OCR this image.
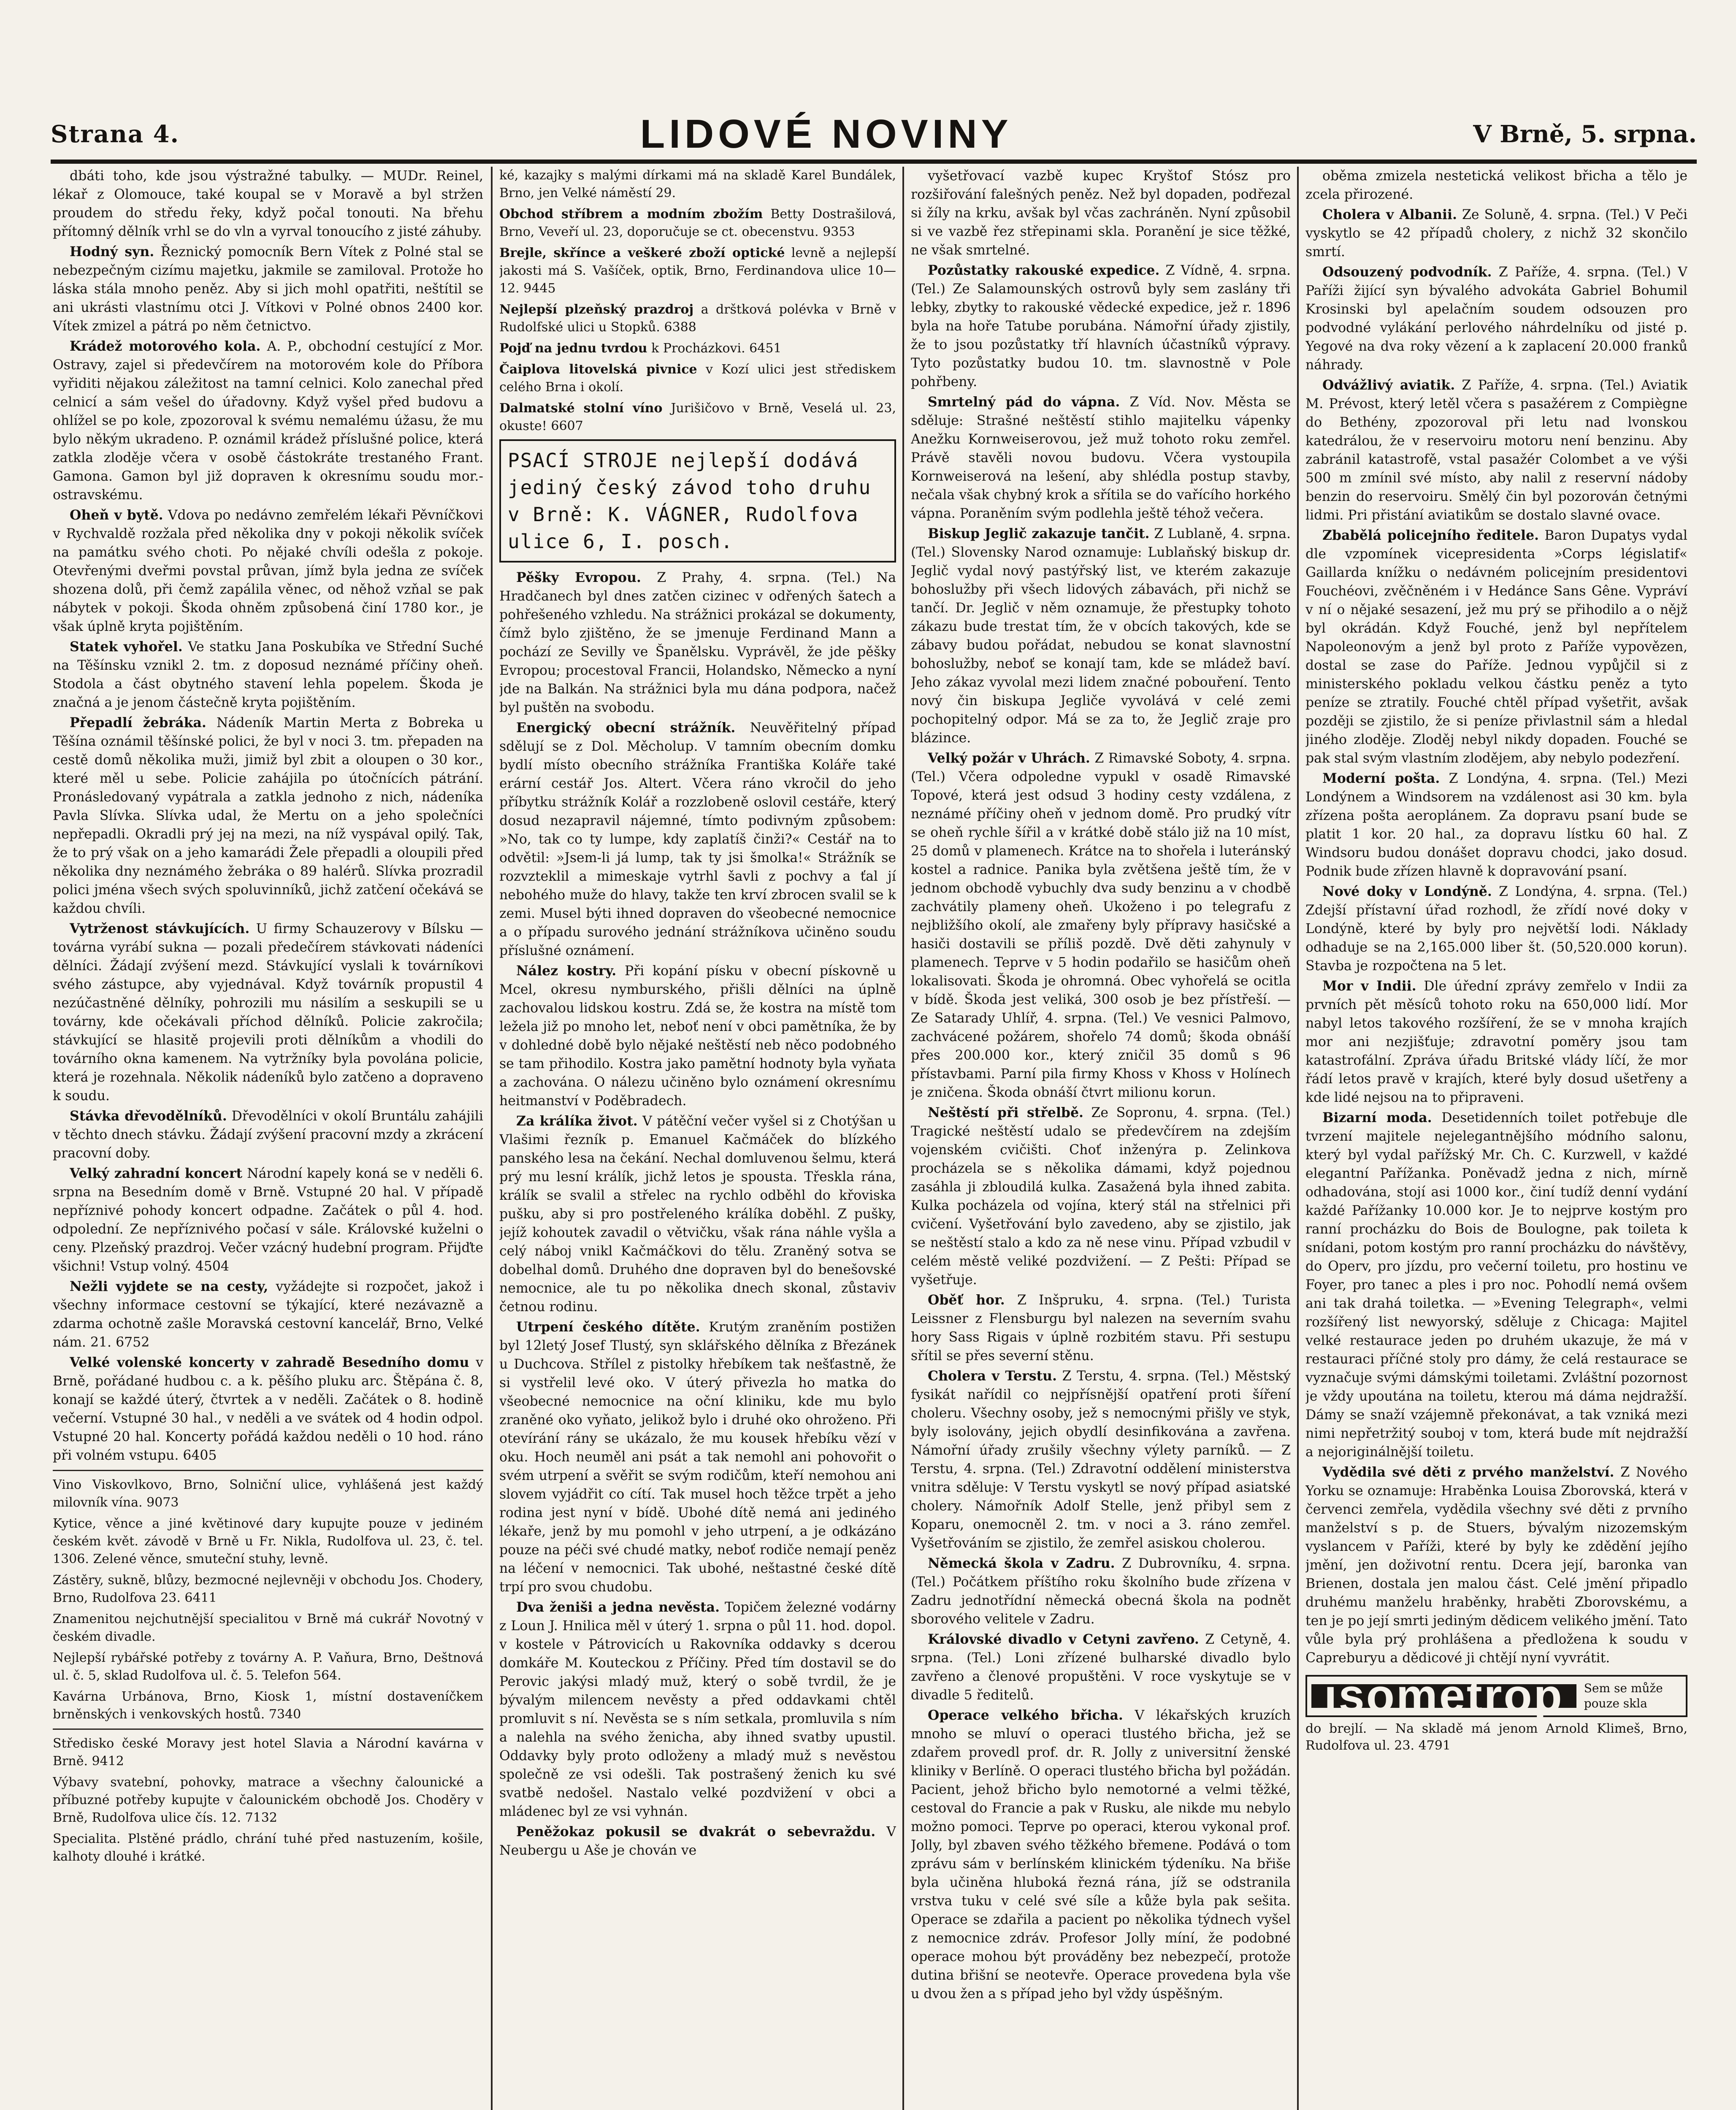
Strana 4.	LIDOVÉ NOVINY	V Brně, 5. srpna.

dbáti toho, kde jsou výstražné tabulky. — MUDr. Reinel, lékař z Olomouce, také koupal se v Moravě a byl stržen proudem do středu řeky, když počal tonouti. Na břehu přítomný dělník vrhl se do vln a vyrval tonoucího z jisté záhuby.

Hodný syn. Řeznický pomocník Bern Vítek z Polné stal se nebezpečným cizímu majetku, jakmile se zamiloval. Protože ho láska stála mnoho peněz. Aby si jich mohl opatřiti, neštítil se ani ukrásti vlastnímu otci J. Vítkovi v Polné obnos 2400 kor. Vítek zmizel a pátrá po něm četnictvo.

Krádež motorového kola. A. P., obchodní cestující z Mor. Ostravy, zajel si předevčírem na motorovém kole do Příbora vyřiditi nějakou záležitost na tamní celnici. Kolo zanechal před celnicí a sám vešel do úřadovny. Když vyšel před budovu a ohlížel se po kole, zpozoroval k svému nemalému úžasu, že mu bylo někým ukradeno. P. oznámil krádež příslušné police, která zatkla zloděje včera v osobě částokráte trestaného Frant. Gamona. Gamon byl již dopraven k okresnímu soudu mor.-ostravskému.

Oheň v bytě. Vdova po nedávno zemřelém lékaři Pěvníčkovi v Rychvaldě rozžala před několika dny v pokoji několik svíček na památku svého choti. Po nějaké chvíli odešla z pokoje. Otevřenými dveřmi povstal průvan, jímž byla jedna ze svíček shozena dolů, při čemž zapálila věnec, od něhož vzňal se pak nábytek v pokoji. Škoda ohněm způsobená činí 1780 kor., je však úplně kryta pojištěním.

Statek vyhořel. Ve statku Jana Poskubíka ve Střední Suché na Těšínsku vznikl 2. tm. z doposud neznámé příčiny oheň. Stodola a část obytného stavení lehla popelem. Škoda je značná a je jenom částečně kryta pojištěním.

Přepadlí žebráka. Nádeník Martin Merta z Bobreka u Těšína oznámil těšínské polici, že byl v noci 3. tm. přepaden na cestě domů několika muži, jimiž byl zbit a oloupen o 30 kor., které měl u sebe. Policie zahájila po útočnících pátrání. Pronásledovaný vypátrala a zatkla jednoho z nich, nádeníka Pavla Slívka. Slívka udal, že Mertu on a jeho společníci nepřepadli. Okradli prý jej na mezi, na níž vyspával opilý. Tak, že to prý však on a jeho kamarádi Žele přepadli a oloupili před několika dny neznámého žebráka o 89 halérů. Slívka prozradil polici jména všech svých spoluvinníků, jichž zatčení očekává se každou chvíli.

Vytrženost stávkujících. U firmy Schauzerovy v Bílsku — továrna vyrábí sukna — pozali předečírem stávkovati nádeníci dělníci. Žádají zvýšení mezd. Stávkující vyslali k továrníkovi svého zástupce, aby vyjednával. Když továrník propustil 4 nezúčastněné dělníky, pohrozili mu násilím a seskupili se u továrny, kde očekávali příchod dělníků. Policie zakročila; stávkující se hlasitě projevili proti dělníkům a vhodili do továrního okna kamenem. Na vytržníky byla povolána policie, která je rozehnala. Několik nádeníků bylo zatčeno a dopraveno k soudu.

Stávka dřevodělníků. Dřevodělníci v okolí Bruntálu zahájili v těchto dnech stávku. Žádají zvýšení pracovní mzdy a zkrácení pracovní doby.

Velký zahradní koncert Národní kapely koná se v neděli 6. srpna na Besedním domě v Brně. Vstupné 20 hal. V případě nepříznivé pohody koncert odpadne. Začátek o půl 4. hod. odpolední. Ze nepříznivého počasí v sále. Královské kuželni o ceny. Plzeňský prazdroj. Večer vzácný hudební program. Přijďte všichni! Vstup volný. 4504

Nežli vyjdete se na cesty, vyžádejte si rozpočet, jakož i všechny informace cestovní se týkající, které nezávazně a zdarma ochotně zašle Moravská cestovní kancelář, Brno, Velké nám. 21. 6752

Velké volenské koncerty v zahradě Besedního domu v Brně, pořádané hudbou c. a k. pěšího pluku arc. Štěpána č. 8, konají se každé úterý, čtvrtek a v neděli. Začátek o 8. hodině večerní. Vstupné 30 hal., v neděli a ve svátek od 4 hodin odpol. Vstupné 20 hal. Koncerty pořádá každou neděli o 10 hod. ráno při volném vstupu. 6405

Vino Viskovlkovo, Brno, Solniční ulice, vyhlášená jest každý milovník vína. 9073

Kytice, věnce a jiné květinové dary kupujte pouze v jediném českém květ. závodě v Brně u Fr. Nikla, Rudolfova ul. 23, č. tel. 1306. Zelené věnce, smuteční stuhy, levně.

Zástěry, sukně, blůzy, bezmocné nejlevněji v obchodu Jos. Chodery, Brno, Rudolfova 23. 6411

Znamenitou nejchutnější specialitou v Brně má cukrář Novotný v českém divadle.

Nejlepší rybářské potřeby z továrny A. P. Vaňura, Brno, Deštnová ul. č. 5, sklad Rudolfova ul. č. 5. Telefon 564.

Kavárna Urbánova, Brno, Kiosk 1, místní dostaveníčkem brněnských i venkovských hostů. 7340

Středisko české Moravy jest hotel Slavia a Národní kavárna v Brně. 9412

Výbavy svatební, pohovky, matrace a všechny čalounické a příbuzné potřeby kupujte v čalounickém obchodě Jos. Choděry v Brně, Rudolfova ulice čís. 12. 7132

Specialita. Plstěné prádlo, chrání tuhé před nastuzením, košile, kalhoty dlouhé i krátké.

ké, kazajky s malými dírkami má na skladě Karel Bundálek, Brno, jen Velké náměstí 29.

Obchod stříbrem a modním zbožím Betty Dostrašilová, Brno, Veveří ul. 23, doporučuje se ct. obecenstvu. 9353

Brejle, skřínce a veškeré zboží optické levně a nejlepší jakosti má S. Vašíček, optik, Brno, Ferdinandova ulice 10—12. 9445

Nejlepší plzeňský prazdroj a drštková polévka v Brně v Rudolfské ulici u Stopků. 6388

Pojď na jednu tvrdou k Procházkovi. 6451

Čaiplova litovelská pivnice v Kozí ulici jest střediskem celého Brna i okolí.

Dalmatské stolní víno Jurišičovo v Brně, Veselá ul. 23, okuste! 6607

PSACÍ STROJE nejlepší dodává jediný český závod toho druhu v Brně: K. VÁGNER, Rudolfova ulice 6, I. posch.

Pěšky Evropou. Z Prahy, 4. srpna. (Tel.) Na Hradčanech byl dnes zatčen cizinec v odřených šatech a pohřešeného vzhledu. Na strážnici prokázal se dokumenty, čímž bylo zjištěno, že se jmenuje Ferdinand Mann a pochází ze Sevilly ve Španělsku. Vyprávěl, že jde pěšky Evropou; procestoval Francii, Holandsko, Německo a nyní jde na Balkán. Na strážnici byla mu dána podpora, načež byl puštěn na svobodu.

Energický obecní strážník. Neuvěřitelný případ sdělují se z Dol. Měcholup. V tamním obecním domku bydlí místo obecního strážníka Františka Koláře také erární cestář Jos. Altert. Včera ráno vkročil do jeho příbytku strážník Kolář a rozzlobeně oslovil cestáře, který dosud nezapravil nájemné, tímto podivným způsobem: »No, tak co ty lumpe, kdy zaplatíš činži?« Cestář na to odvětil: »Jsem-li já lump, tak ty jsi šmolka!« Strážník se rozvzteklil a mimeskaje vytrhl šavli z pochvy a ťal jí nebohého muže do hlavy, takže ten krví zbrocen svalil se k zemi. Musel býti ihned dopraven do všeobecné nemocnice a o případu surového jednání strážníkova učiněno soudu příslušné oznámení.

Nález kostry. Při kopání písku v obecní pískovně u Mcel, okresu nymburského, přišli dělníci na úplně zachovalou lidskou kostru. Zdá se, že kostra na místě tom ležela již po mnoho let, neboť není v obci pamětníka, že by v dohledné době bylo nějaké neštěstí neb něco podobného se tam přihodilo. Kostra jako pamětní hodnoty byla vyňata a zachována. O nálezu učiněno bylo oznámení okresnímu heitmanství v Poděbradech.

Za králíka život. V pátěční večer vyšel si z Chotýšan u Vlašimi řezník p. Emanuel Kačmáček do blízkého panského lesa na čekání. Nechal domluvenou šelmu, která prý mu lesní králík, jichž letos je spousta. Třeskla rána, králík se svalil a střelec na rychlo odběhl do křoviska pušku, aby si pro postřeleného králíka doběhl. Z pušky, jejíž kohoutek zavadil o větvičku, však rána náhle vyšla a celý náboj vnikl Kačmáčkovi do tělu. Zraněný sotva se dobelhal domů. Druhého dne dopraven byl do benešovské nemocnice, ale tu po několika dnech skonal, zůstaviv četnou rodinu.

Utrpení českého dítěte. Krutým zraněním postižen byl 12letý Josef Tlustý, syn sklářského dělníka z Březánek u Duchcova. Střílel z pistolky hřebíkem tak nešťastně, že si vystřelil levé oko. V úterý přivezla ho matka do všeobecné nemocnice na oční kliniku, kde mu bylo zraněné oko vyňato, jelikož bylo i druhé oko ohroženo. Při otevírání rány se ukázalo, že mu kousek hřebíku vězí v oku. Hoch neuměl ani psát a tak nemohl ani pohovořit o svém utrpení a svěřit se svým rodičům, kteří nemohou ani slovem vyjádřit co cítí. Tak musel hoch těžce trpět a jeho rodina jest nyní v bídě. Ubohé dítě nemá ani jediného lékaře, jenž by mu pomohl v jeho utrpení, a je odkázáno pouze na péči své chudé matky, neboť rodiče nemají peněz na léčení v nemocnici. Tak ubohé, neštastné české dítě trpí pro svou chudobu.

Dva ženiši a jedna nevěsta. Topičem železné vodárny z Loun J. Hnilica měl v úterý 1. srpna o půl 11. hod. dopol. v kostele v Pátrovicích u Rakovníka oddavky s dcerou domkáře M. Kouteckou z Příčiny. Před tím dostavil se do Perovic jakýsi mladý muž, který o sobě tvrdil, že je bývalým milencem nevěsty a před oddavkami chtěl promluvit s ní. Nevěsta se s ním setkala, promluvila s ním a nalehla na svého ženicha, aby ihned svatby upustil. Oddavky byly proto odloženy a mladý muž s nevěstou společně ze vsi odešli. Tak postrašený ženich ku své svatbě nedošel. Nastalo velké pozdvižení v obci a mládenec byl ze vsi vyhnán.

Peněžokaz pokusil se dvakrát o sebevraždu. V Neubergu u Aše je chován ve

vyšetřovací vazbě kupec Kryštof Stósz pro rozšiřování falešných peněz. Než byl dopaden, podřezal si žíly na krku, avšak byl včas zachráněn. Nyní způsobil si ve vazbě řez střepinami skla. Poranění je sice těžké, ne však smrtelné.

Pozůstatky rakouské expedice. Z Vídně, 4. srpna. (Tel.) Ze Salamounských ostrovů byly sem zaslány tři lebky, zbytky to rakouské vědecké expedice, jež r. 1896 byla na hoře Tatube porubána. Námořní úřady zjistily, že to jsou pozůstatky tří hlavních účastníků výpravy. Tyto pozůstatky budou 10. tm. slavnostně v Pole pohřbeny.

Smrtelný pád do vápna. Z Víd. Nov. Města se sděluje: Strašné neštěstí stihlo majitelku vápenky Anežku Kornweiserovou, jež muž tohoto roku zemřel. Právě stavěli novou budovu. Včera vystoupila Kornweiserová na lešení, aby shlédla postup stavby, nečala však chybný krok a sřítila se do vařícího horkého vápna. Poraněním svým podlehla ještě téhož večera.

Biskup Jeglič zakazuje tančit. Z Lublaně, 4. srpna. (Tel.) Slovensky Narod oznamuje: Lublaňský biskup dr. Jeglič vydal nový pastýřský list, ve kterém zakazuje bohoslužby při všech lidových zábavách, při nichž se tančí. Dr. Jeglič v něm oznamuje, že přestupky tohoto zákazu bude trestat tím, že v obcích takových, kde se zábavy budou pořádat, nebudou se konat slavnostní bohoslužby, neboť se konají tam, kde se mládež baví. Jeho zákaz vyvolal mezi lidem značné pobouření. Tento nový čin biskupa Jegliče vyvolává v celé zemi pochopitelný odpor. Má se za to, že Jeglič zraje pro blázince.

Velký požár v Uhrách. Z Rimavské Soboty, 4. srpna. (Tel.) Včera odpoledne vypukl v osadě Rimavské Topové, která jest odsud 3 hodiny cesty vzdálena, z neznámé příčiny oheň v jednom domě. Pro prudký vítr se oheň rychle šířil a v krátké době stálo již na 10 míst, 25 domů v plamenech. Krátce na to shořela i luteránský kostel a radnice. Panika byla zvětšena ještě tím, že v jednom obchodě vybuchly dva sudy benzinu a v chodbě zachvátily plameny oheň. Ukoženo i po telegrafu z nejbližšího okolí, ale zmařeny byly přípravy hasičské a hasiči dostavili se příliš pozdě. Dvě děti zahynuly v plamenech. Teprve v 5 hodin podařilo se hasičům oheň lokalisovati. Škoda je ohromná. Obec vyhořelá se ocitla v bídě. Škoda jest veliká, 300 osob je bez přístřeší. — Ze Satarady Uhlíř, 4. srpna. (Tel.) Ve vesnici Palmovo, zachvácené požárem, shořelo 74 domů; škoda obnáší přes 200.000 kor., který zničil 35 domů s 96 přístavbami. Parní pila firmy Khoss v Khoss v Holínech je zničena. Škoda obnáší čtvrt milionu korun.

Neštěstí při střelbě. Ze Sopronu, 4. srpna. (Tel.) Tragické neštěstí udalo se předevčírem na zdejším vojenském cvičišti. Choť inženýra p. Zelinkova procházela se s několika dámami, když pojednou zasáhla ji zbloudilá kulka. Zasažená byla ihned zabita. Kulka pocházela od vojína, který stál na střelnici při cvičení. Vyšetřování bylo zavedeno, aby se zjistilo, jak se neštěstí stalo a kdo za ně nese vinu. Případ vzbudil v celém městě veliké pozdvižení. — Z Pešti: Případ se vyšetřuje.

Oběť hor. Z Inšpruku, 4. srpna. (Tel.) Turista Leissner z Flensburgu byl nalezen na severním svahu hory Sass Rigais v úplně rozbitém stavu. Při sestupu sřítil se přes severní stěnu.

Cholera v Terstu. Z Terstu, 4. srpna. (Tel.) Městský fysikát nařídil co nejpřísnější opatření proti šíření choleru. Všechny osoby, jež s nemocnými přišly ve styk, byly isolovány, jejich obydlí desinfikována a zavřena. Námořní úřady zrušily všechny výlety parníků. — Z Terstu, 4. srpna. (Tel.) Zdravotní oddělení ministerstva vnitra sděluje: V Terstu vyskytl se nový případ asiatské cholery. Námořník Adolf Stelle, jenž přibyl sem z Koparu, onemocněl 2. tm. v noci a 3. ráno zemřel. Vyšetřováním se zjistilo, že zemřel asiskou cholerou.

Německá škola v Zadru. Z Dubrovníku, 4. srpna. (Tel.) Počátkem příštího roku školního bude zřízena v Zadru jednotřídní německá obecná škola na podnět sborového velitele v Zadru.

Královské divadlo v Cetyni zavřeno. Z Cetyně, 4. srpna. (Tel.) Loni zřízené bulharské divadlo bylo zavřeno a členové propuštěni. V roce vyskytuje se v divadle 5 ředitelů.

Operace velkého břicha. V lékařských kruzích mnoho se mluví o operaci tlustého břicha, jež se zdařem provedl prof. dr. R. Jolly z universitní ženské kliniky v Berlíně. O operaci tlustého břicha byl požádán. Pacient, jehož břicho bylo nemotorné a velmi těžké, cestoval do Francie a pak v Rusku, ale nikde mu nebylo možno pomoci. Teprve po operaci, kterou vykonal prof. Jolly, byl zbaven svého těžkého břemene. Podává o tom zprávu sám v berlínském klinickém týdeníku. Na břiše byla učiněna hluboká řezná rána, jíž se odstranila vrstva tuku v celé své síle a kůže byla pak sešita. Operace se zdařila a pacient po několika týdnech vyšel z nemocnice zdráv. Profesor Jolly míní, že podobné operace mohou být prováděny bez nebezpečí, protože dutina břišní se neotevře. Operace provedena byla vše u dvou žen a s případ jeho byl vždy úspěšným.

oběma zmizela nestetická velikost břicha a tělo je zcela přirozené.

Cholera v Albanii. Ze Soluně, 4. srpna. (Tel.) V Peči vyskytlo se 42 případů cholery, z nichž 32 skončilo smrtí.

Odsouzený podvodník. Z Paříže, 4. srpna. (Tel.) V Paříži žijící syn bývalého advokáta Gabriel Bohumil Krosinski byl apelačním soudem odsouzen pro podvodné vylákání perlového náhrdelníku od jisté p. Yegové na dva roky vězení a k zaplacení 20.000 franků náhrady.

Odvážlivý aviatik. Z Paříže, 4. srpna. (Tel.) Aviatik M. Prévost, který letěl včera s pasažérem z Compiègne do Bethény, zpozoroval při letu nad lvonskou katedrálou, že v reservoiru motoru není benzinu. Aby zabránil katastrofě, vstal pasažér Colombet a ve výši 500 m zmínil své místo, aby nalil z reservní nádoby benzin do reservoiru. Smělý čin byl pozorován četnými lidmi. Pri přistání aviatikům se dostalo slavné ovace.

Zbabělá policejního ředitele. Baron Dupatys vydal dle vzpomínek vicepresidenta »Corps législatif« Gaillarda knížku o nedávném policejním presidentovi Fouchéovi, zvěčněném i v Hedánce Sans Gêne. Vypráví v ní o nějaké sesazení, jež mu prý se přihodilo a o nějž byl okrádán. Když Fouché, jenž byl nepřítelem Napoleonovým a jenž byl proto z Paříže vypovězen, dostal se zase do Paříže. Jednou vypůjčil si z ministerského pokladu velkou částku peněz a tyto peníze se ztratily. Fouché chtěl případ vyšetřit, avšak později se zjistilo, že si peníze přivlastnil sám a hledal jiného zloděje. Zloděj nebyl nikdy dopaden. Fouché se pak stal svým vlastním zlodějem, aby nebylo podezření.

Moderní pošta. Z Londýna, 4. srpna. (Tel.) Mezi Londýnem a Windsorem na vzdálenost asi 30 km. byla zřízena pošta aeroplánem. Za dopravu psaní bude se platit 1 kor. 20 hal., za dopravu lístku 60 hal. Z Windsoru budou donášet dopravu chodci, jako dosud. Podnik bude zřízen hlavně k dopravování psaní.

Nové doky v Londýně. Z Londýna, 4. srpna. (Tel.) Zdejší přístavní úřad rozhodl, že zřídí nové doky v Londýně, které by byly pro největší lodi. Náklady odhaduje se na 2,165.000 liber št. (50,520.000 korun). Stavba je rozpočtena na 5 let.

Mor v Indii. Dle úřední zprávy zemřelo v Indii za prvních pět měsíců tohoto roku na 650,000 lidí. Mor nabyl letos takového rozšíření, že se v mnoha krajích mor ani nezjišťuje; zdravotní poměry jsou tam katastrofální. Zpráva úřadu Britské vlády líčí, že mor řádí letos pravě v krajích, které byly dosud ušetřeny a kde lidé nejsou na to připraveni.

Bizarní moda. Desetidenních toilet potřebuje dle tvrzení majitele nejelegantnějšího módního salonu, který byl vydal pařížský Mr. Ch. C. Kurzwell, v každé elegantní Pařížanka. Poněvadž jedna z nich, mírně odhadována, stojí asi 1000 kor., činí tudíž denní vydání každé Pařížanky 10.000 kor. Je to nejprve kostým pro ranní procházku do Bois de Boulogne, pak toileta k snídani, potom kostým pro ranní procházku do návštěvy, do Operv, pro jízdu, pro večerní toiletu, pro hostinu ve Foyer, pro tanec a ples i pro noc. Pohodlí nemá ovšem ani tak drahá toiletka. — »Evening Telegraph«, velmi rozšířený list newyorský, sděluje z Chicaga: Majitel velké restaurace jeden po druhém ukazuje, že má v restauraci příčné stoly pro dámy, že celá restaurace se vyznačuje svými dámskými toiletami. Zvláštní pozornost je vždy upoutána na toiletu, kterou má dáma nejdražší. Dámy se snaží vzájemně překonávat, a tak vzniká mezi nimi nepřetržitý souboj v tom, která bude mít nejdražší a nejoriginálnější toiletu.

Vydědila své děti z prvého manželství. Z Nového Yorku se oznamuje: Hraběnka Louisa Zborovská, která v červenci zemřela, vydědila všechny své děti z prvního manželství s p. de Stuers, bývalým nizozemským vyslancem v Paříži, které by byly ke zdědění jejího jmění, jen doživotní rentu. Dcera její, baronka van Brienen, dostala jen malou část. Celé jmění připadlo druhému manželu hraběnky, hraběti Zborovskému, a ten je po její smrti jediným dědicem velikého jmění. Tato vůle byla prý prohlášena a předložena k soudu v Capreburyu a dědicové ji chtějí nyní vyvrátit.

isometrop	Sem se může pouze skla

do brejlí. — Na skladě má jenom Arnold Klimeš, Brno, Rudolfova ul. 23. 4791
